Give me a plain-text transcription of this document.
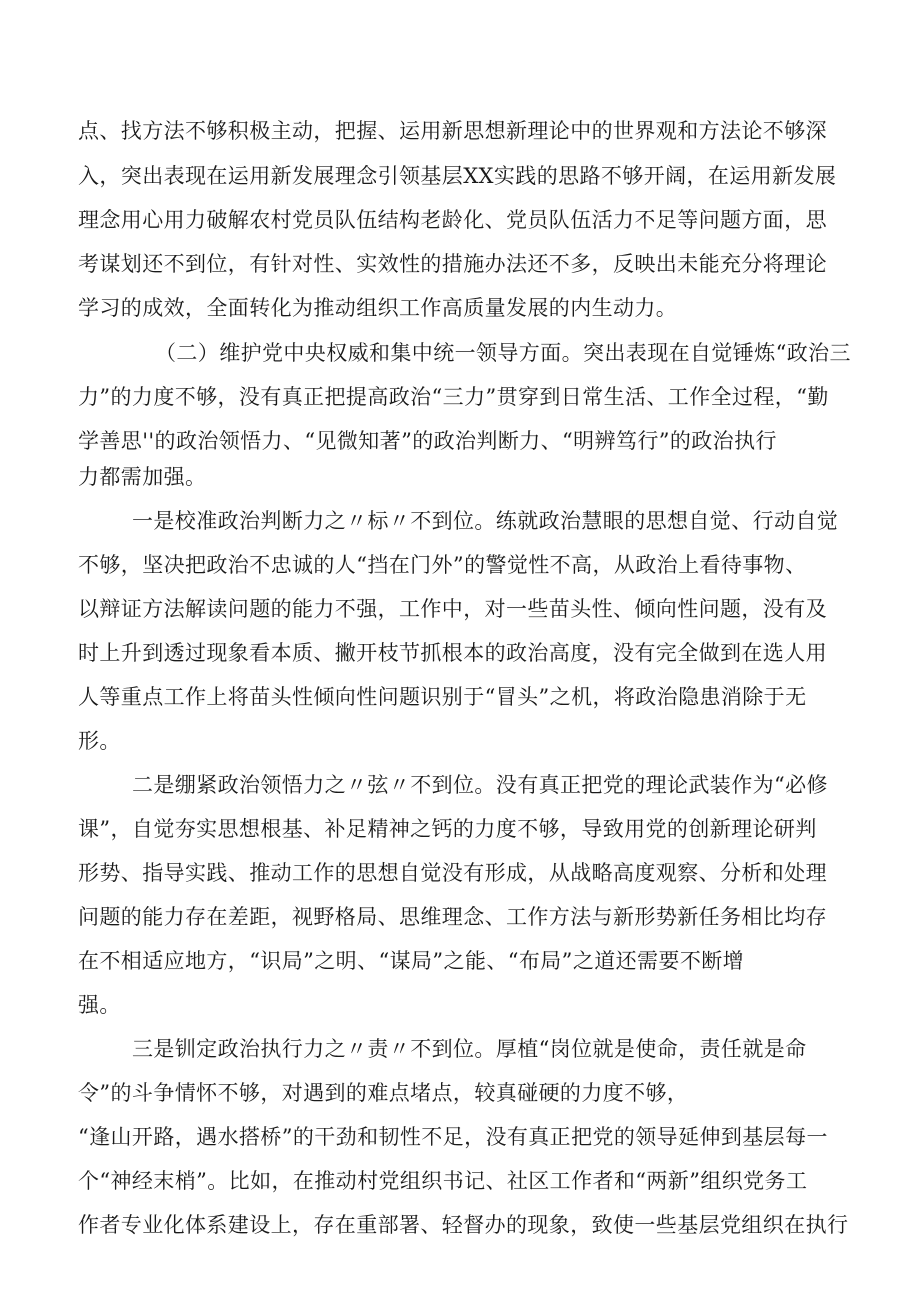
点、找方法不够积极主动，把握、运用新思想新理论中的世界观和方法论不够深
入，突出表现在运用新发展理念引领基层XX实践的思路不够开阔，在运用新发展
理念用心用力破解农村党员队伍结构老龄化、党员队伍活力不足等问题方面，思
考谋划还不到位，有针对性、实效性的措施办法还不多，反映出未能充分将理论
学习的成效，全面转化为推动组织工作高质量发展的内生动力。
（二）维护党中央权威和集中统一领导方面。突出表现在自觉锤炼“政治三
力”的力度不够，没有真正把提高政治“三力”贯穿到日常生活、工作全过程，“勤
学善思''的政治领悟力、“见微知著”的政治判断力、“明辨笃行”的政治执行
力都需加强。
一是校准政治判断力之〃标〃不到位。练就政治慧眼的思想自觉、行动自觉
不够，坚决把政治不忠诚的人“挡在门外”的警觉性不高，从政治上看待事物、
以辩证方法解读问题的能力不强，工作中，对一些苗头性、倾向性问题，没有及
时上升到透过现象看本质、撇开枝节抓根本的政治高度，没有完全做到在选人用
人等重点工作上将苗头性倾向性问题识别于“冒头”之机，将政治隐患消除于无
形。
二是绷紧政治领悟力之〃弦〃不到位。没有真正把党的理论武装作为“必修
课”，自觉夯实思想根基、补足精神之钙的力度不够，导致用党的创新理论研判
形势、指导实践、推动工作的思想自觉没有形成，从战略高度观察、分析和处理
问题的能力存在差距，视野格局、思维理念、工作方法与新形势新任务相比均存
在不相适应地方，“识局”之明、“谋局”之能、“布局”之道还需要不断增
强。
三是钏定政治执行力之〃责〃不到位。厚植“岗位就是使命，责任就是命
令”的斗争情怀不够，对遇到的难点堵点，较真碰硬的力度不够，
“逢山开路，遇水搭桥”的干劲和韧性不足，没有真正把党的领导延伸到基层每一
个“神经末梢”。比如，在推动村党组织书记、社区工作者和“两新”组织党务工
作者专业化体系建设上，存在重部署、轻督办的现象，致使一些基层党组织在执行
